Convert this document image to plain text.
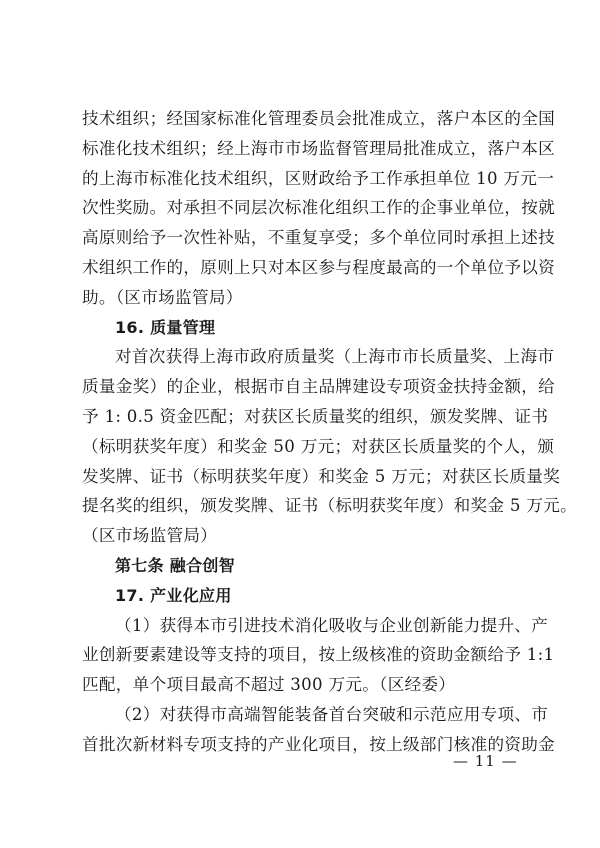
技术组织；经国家标准化管理委员会批准成立，落户本区的全国
标准化技术组织；经上海市市场监督管理局批准成立，落户本区
的上海市标准化技术组织，区财政给予工作承担单位 10 万元一
次性奖励。对承担不同层次标准化组织工作的企事业单位，按就
高原则给予一次性补贴，不重复享受；多个单位同时承担上述技
术组织工作的，原则上只对本区参与程度最高的一个单位予以资
助。（区市场监管局）
16. 质量管理
对首次获得上海市政府质量奖（上海市市长质量奖、上海市
质量金奖）的企业，根据市自主品牌建设专项资金扶持金额，给
予 1: 0.5 资金匹配；对获区长质量奖的组织，颁发奖牌、证书
（标明获奖年度）和奖金 50 万元；对获区长质量奖的个人，颁
发奖牌、证书（标明获奖年度）和奖金 5 万元；对获区长质量奖
提名奖的组织，颁发奖牌、证书（标明获奖年度）和奖金 5 万元。
（区市场监管局）
第七条 融合创智
17. 产业化应用
（1）获得本市引进技术消化吸收与企业创新能力提升、产
业创新要素建设等支持的项目，按上级核准的资助金额给予 1:1
匹配，单个项目最高不超过 300 万元。（区经委）
（2）对获得市高端智能装备首台突破和示范应用专项、市
首批次新材料专项支持的产业化项目，按上级部门核准的资助金
— 11 —
